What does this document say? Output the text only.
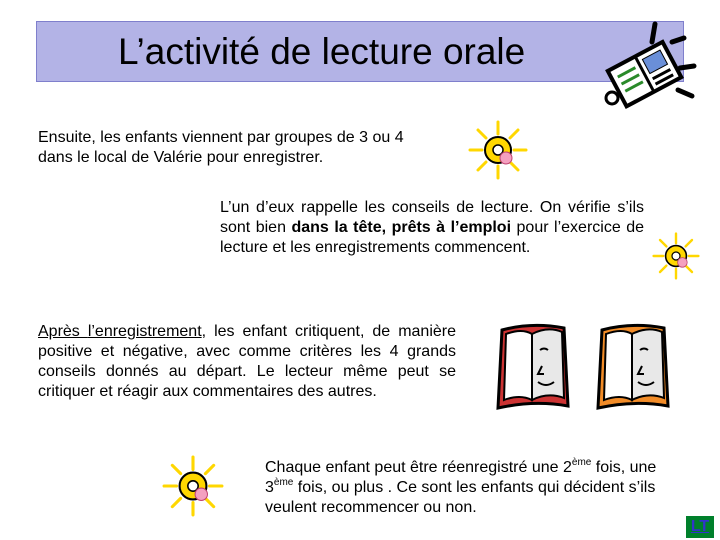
L’activité de lecture orale
Ensuite, les enfants viennent par groupes de 3 ou 4 dans le local de Valérie pour enregistrer.
L’un d’eux rappelle les conseils de lecture. On vérifie s’ils sont bien dans la tête, prêts à l’emploi pour l’exercice de lecture et les enregistrements commencent.
Après l’enregistrement, les enfant critiquent, de manière positive et négative, avec comme critères les 4 grands conseils donnés au départ. Le lecteur même peut se critiquer et réagir aux commentaires des autres.
Chaque enfant peut être réenregistré une 2ème fois, une 3ème fois, ou plus . Ce sont les enfants qui décident s’ils veulent recommencer ou non.
LT
